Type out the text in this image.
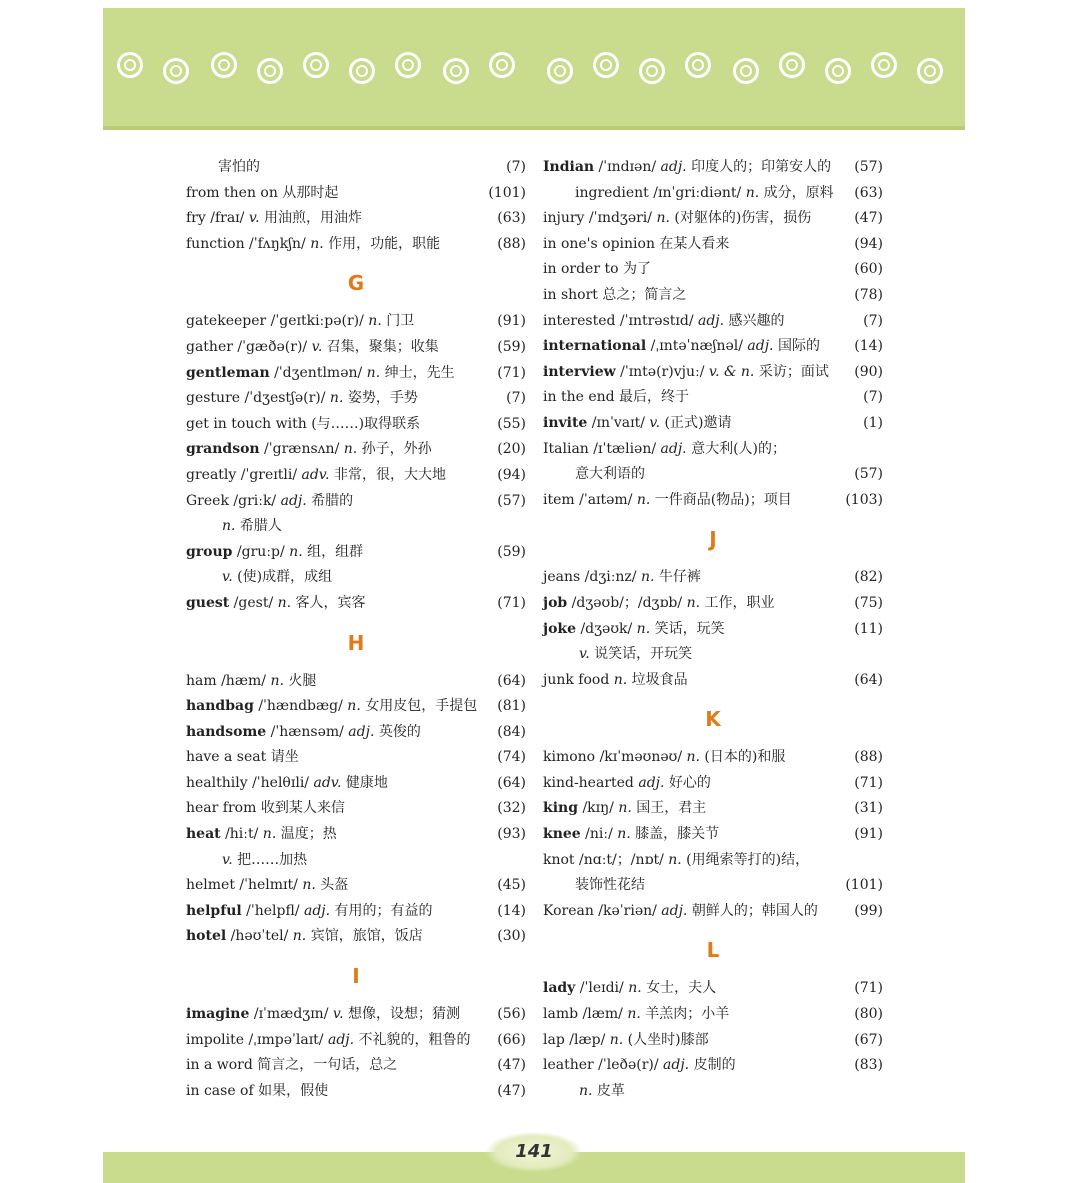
害怕的	(7)
from then on 从那时起	(101)
fry /fraɪ/ v. 用油煎，用油炸	(63)
function /ˈfʌŋkʃn/ n. 作用，功能，职能	(88)
G
gatekeeper /ˈgeɪtkiːpə(r)/ n. 门卫	(91)
gather /ˈgæðə(r)/ v. 召集，聚集；收集	(59)
gentleman /ˈdʒentlmən/ n. 绅士，先生	(71)
gesture /ˈdʒestʃə(r)/ n. 姿势，手势	(7)
get in touch with (与……)取得联系	(55)
grandson /ˈgrænsʌn/ n. 孙子，外孙	(20)
greatly /ˈgreɪtli/ adv. 非常，很，大大地	(94)
Greek /griːk/ adj. 希腊的	(57)
n. 希腊人
group /gruːp/ n. 组，组群	(59)
v. (使)成群，成组
guest /gest/ n. 客人，宾客	(71)
H
ham /hæm/ n. 火腿	(64)
handbag /ˈhændbæg/ n. 女用皮包，手提包 (81)
handsome /ˈhænsəm/ adj. 英俊的	(84)
have a seat 请坐	(74)
healthily /ˈhelθɪli/ adv. 健康地	(64)
hear from 收到某人来信	(32)
heat /hiːt/ n. 温度；热	(93)
v. 把……加热
helmet /ˈhelmɪt/ n. 头盔	(45)
helpful /ˈhelpfl/ adj. 有用的；有益的	(14)
hotel /həʊˈtel/ n. 宾馆，旅馆，饭店	(30)
I
imagine /ɪˈmædʒɪn/ v. 想像，设想；猜测	(56)
impolite /ˌɪmpəˈlaɪt/ adj. 不礼貌的，粗鲁的 (66)
in a word 简言之，一句话，总之	(47)
in case of 如果，假使	(47)
Indian /ˈɪndɪən/ adj. 印度人的；印第安人的 (57)
ingredient /ɪnˈgriːdiənt/ n. 成分，原料 (63)
injury /ˈɪndʒəri/ n. (对躯体的)伤害，损伤	(47)
in one's opinion 在某人看来	(94)
in order to 为了	(60)
in short 总之；简言之	(78)
interested /ˈɪntrəstɪd/ adj. 感兴趣的	(7)
international /ˌɪntəˈnæʃnəl/ adj. 国际的 (14)
interview /ˈɪntə(r)vjuː/ v. & n. 采访；面试 (90)
in the end 最后，终于	(7)
invite /ɪnˈvaɪt/ v. (正式)邀请	(1)
Italian /ɪˈtæliən/ adj. 意大利(人)的；
意大利语的	(57)
item /ˈaɪtəm/ n. 一件商品(物品)；项目	(103)
J
jeans /dʒiːnz/ n. 牛仔裤	(82)
job /dʒəʊb/；/dʒɒb/ n. 工作，职业	(75)
joke /dʒəʊk/ n. 笑话，玩笑	(11)
v. 说笑话，开玩笑
junk food n. 垃圾食品	(64)
K
kimono /kɪˈməʊnəʊ/ n. (日本的)和服	(88)
kind-hearted adj. 好心的	(71)
king /kɪŋ/ n. 国王，君主	(31)
knee /niː/ n. 膝盖，膝关节	(91)
knot /nɑːt/；/nɒt/ n. (用绳索等打的)结，
装饰性花结	(101)
Korean /kəˈriən/ adj. 朝鲜人的；韩国人的	(99)
L
lady /ˈleɪdi/ n. 女士，夫人	(71)
lamb /læm/ n. 羊羔肉；小羊	(80)
lap /læp/ n. (人坐时)膝部	(67)
leather /ˈleðə(r)/ adj. 皮制的	(83)
n. 皮革
141
